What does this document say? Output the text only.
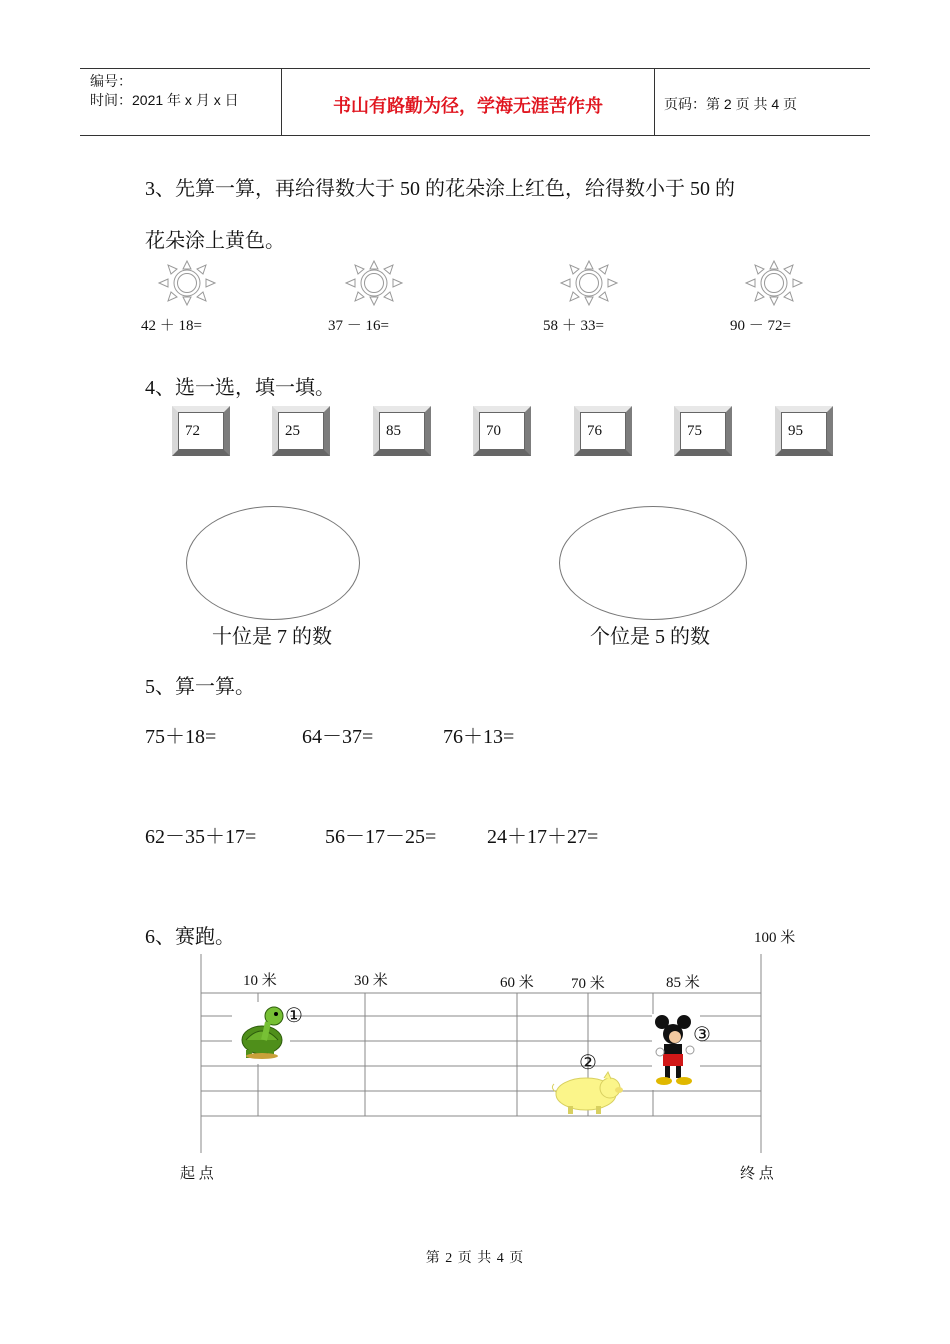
编号：
时间：2021 年 x 月 x 日	书山有路勤为径，学海无涯苦作舟	页码：第 2 页 共 4 页
3、先算一算，再给得数大于 50 的花朵涂上红色，给得数小于 50 的
花朵涂上黄色。
42 ＋ 18=	37 － 16=	58 ＋ 33=	90 － 72=
4、选一选，填一填。
72	25	85	70	76	75	95
十位是 7 的数	个位是 5 的数
5、算一算。
75＋18=	64－37=	76＋13=
62－35＋17=	56－17－25=	24＋17＋27=
6、赛跑。	100 米
10 米	30 米	60 米 70 米	85 米
①
②
③
起 点	终 点
第 2 页 共 4 页
